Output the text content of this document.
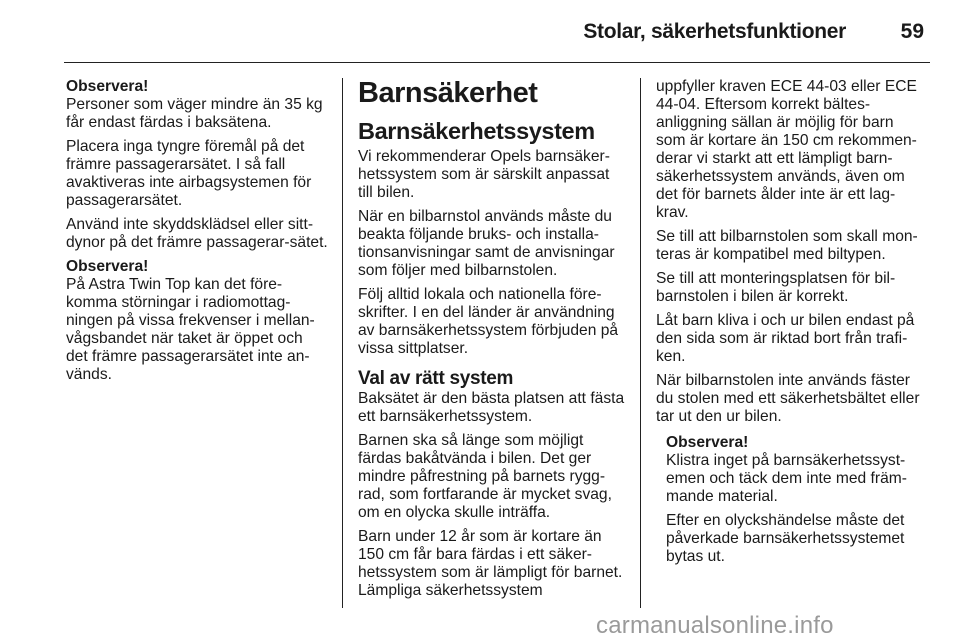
Stolar, säkerhetsfunktioner	59

Observera!

Personer som väger mindre än 35 kg får endast färdas i baksätena.

Placera inga tyngre föremål på det främre passagerarsätet. I så fall avaktiveras inte airbagsystemen för passagerarsätet.

Använd inte skyddsklädsel eller sitt-dynor på det främre passagerar-sätet.

Observera!

På Astra Twin Top kan det före-komma störningar i radiomottag-ningen på vissa frekvenser i mellan-vågsbandet när taket är öppet och det främre passagerarsätet inte an-vänds.

Barnsäkerhet
Barnsäkerhetssystem

Vi rekommenderar Opels barnsäker-hetssystem som är särskilt anpassat till bilen.

När en bilbarnstol används måste du beakta följande bruks- och installa-tionsanvisningar samt de anvisningar som följer med bilbarnstolen.

Följ alltid lokala och nationella före-skrifter. I en del länder är användning av barnsäkerhetssystem förbjuden på vissa sittplatser.

Val av rätt system

Baksätet är den bästa platsen att fästa ett barnsäkerhetssystem.

Barnen ska så länge som möjligt färdas bakåtvända i bilen. Det ger mindre påfrestning på barnets rygg-rad, som fortfarande är mycket svag, om en olycka skulle inträffa.

Barn under 12 år som är kortare än 150 cm får bara färdas i ett säker-hetssystem som är lämpligt för barnet. Lämpliga säkerhetssystem

uppfyller kraven ECE 44-03 eller ECE 44-04. Eftersom korrekt bältes-anliggning sällan är möjlig för barn som är kortare än 150 cm rekommen-derar vi starkt att ett lämpligt barn-säkerhetssystem används, även om det för barnets ålder inte är ett lag-krav.

Se till att bilbarnstolen som skall mon-teras är kompatibel med biltypen.

Se till att monteringsplatsen för bil-barnstolen i bilen är korrekt.

Låt barn kliva i och ur bilen endast på den sida som är riktad bort från trafi-ken.

När bilbarnstolen inte används fäster du stolen med ett säkerhetsbältet eller tar ut den ur bilen.

Observera!

Klistra inget på barnsäkerhetssyst-emen och täck dem inte med främ-mande material.

Efter en olyckshändelse måste det påverkade barnsäkerhetssystemet bytas ut.

carmanualsonline.info
